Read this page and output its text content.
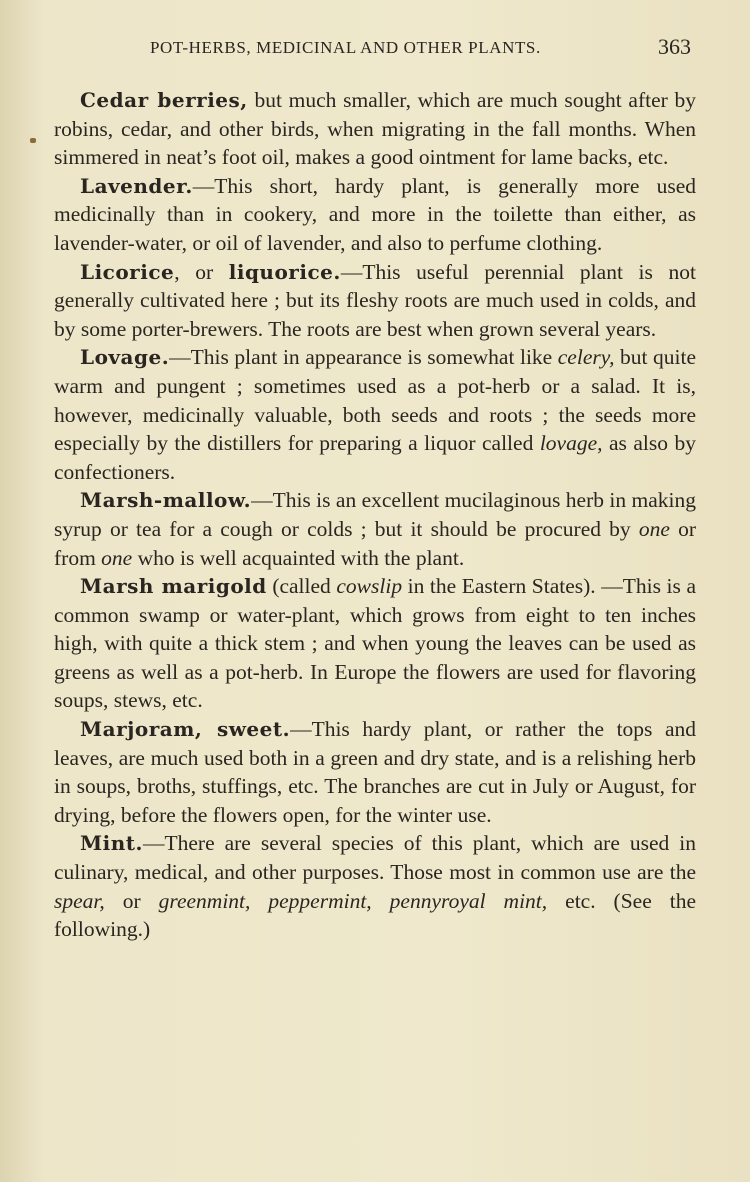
POT-HERBS, MEDICINAL AND OTHER PLANTS.	363

Cedar berries, but much smaller, which are much sought after by robins, cedar, and other birds, when migrating in the fall months. When simmered in neat’s foot oil, makes a good ointment for lame backs, etc.

Lavender.—This short, hardy plant, is generally more used medicinally than in cookery, and more in the toilette than either, as lavender-water, or oil of lavender, and also to perfume clothing.

Licorice, or liquorice.—This useful perennial plant is not generally cultivated here ; but its fleshy roots are much used in colds, and by some porter-brewers. The roots are best when grown several years.

Lovage.—This plant in appearance is somewhat like celery, but quite warm and pungent ; sometimes used as a pot-herb or a salad. It is, however, medicinally valuable, both seeds and roots ; the seeds more especially by the distillers for preparing a liquor called lovage, as also by confectioners.

Marsh-mallow.—This is an excellent mucilaginous herb in making syrup or tea for a cough or colds ; but it should be procured by one or from one who is well acquainted with the plant.

Marsh marigold (called cowslip in the Eastern States). —This is a common swamp or water-plant, which grows from eight to ten inches high, with quite a thick stem ; and when young the leaves can be used as greens as well as a pot-herb. In Europe the flowers are used for flavoring soups, stews, etc.

Marjoram, sweet.—This hardy plant, or rather the tops and leaves, are much used both in a green and dry state, and is a relishing herb in soups, broths, stuffings, etc. The branches are cut in July or August, for drying, before the flowers open, for the winter use.

Mint.—There are several species of this plant, which are used in culinary, medical, and other purposes. Those most in common use are the spear, or greenmint, peppermint, pennyroyal mint, etc. (See the following.)
